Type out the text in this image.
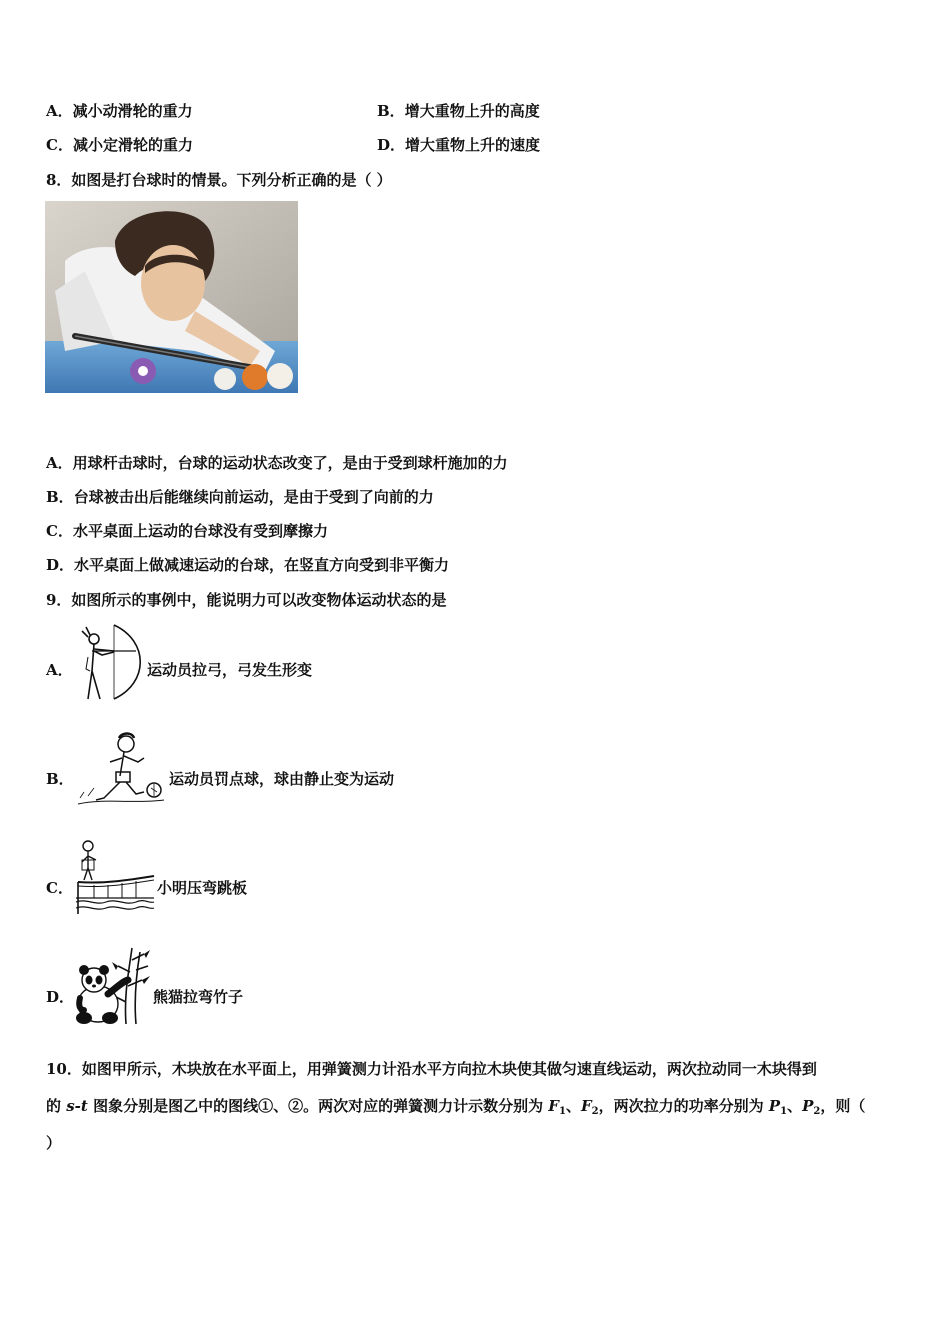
A．减小动滑轮的重力	B．增大重物上升的高度
C．减小定滑轮的重力	D．增大重物上升的速度
8．如图是打台球时的情景。下列分析正确的是（ ）
A．用球杆击球时，台球的运动状态改变了，是由于受到球杆施加的力
B．台球被击出后能继续向前运动，是由于受到了向前的力
C．水平桌面上运动的台球没有受到摩擦力
D．水平桌面上做减速运动的台球，在竖直方向受到非平衡力
9．如图所示的事例中，能说明力可以改变物体运动状态的是
A．	运动员拉弓，弓发生形变
B．	运动员罚点球，球由静止变为运动
C．	小明压弯跳板
D．	熊猫拉弯竹子
10．如图甲所示，木块放在水平面上，用弹簧测力计沿水平方向拉木块使其做匀速直线运动，两次拉动同一木块得到
的 s-t 图象分别是图乙中的图线①、②。两次对应的弹簧测力计示数分别为 $F_1$、$F_2$，两次拉力的功率分别为 $P_1$、$P_2$，则（
）
